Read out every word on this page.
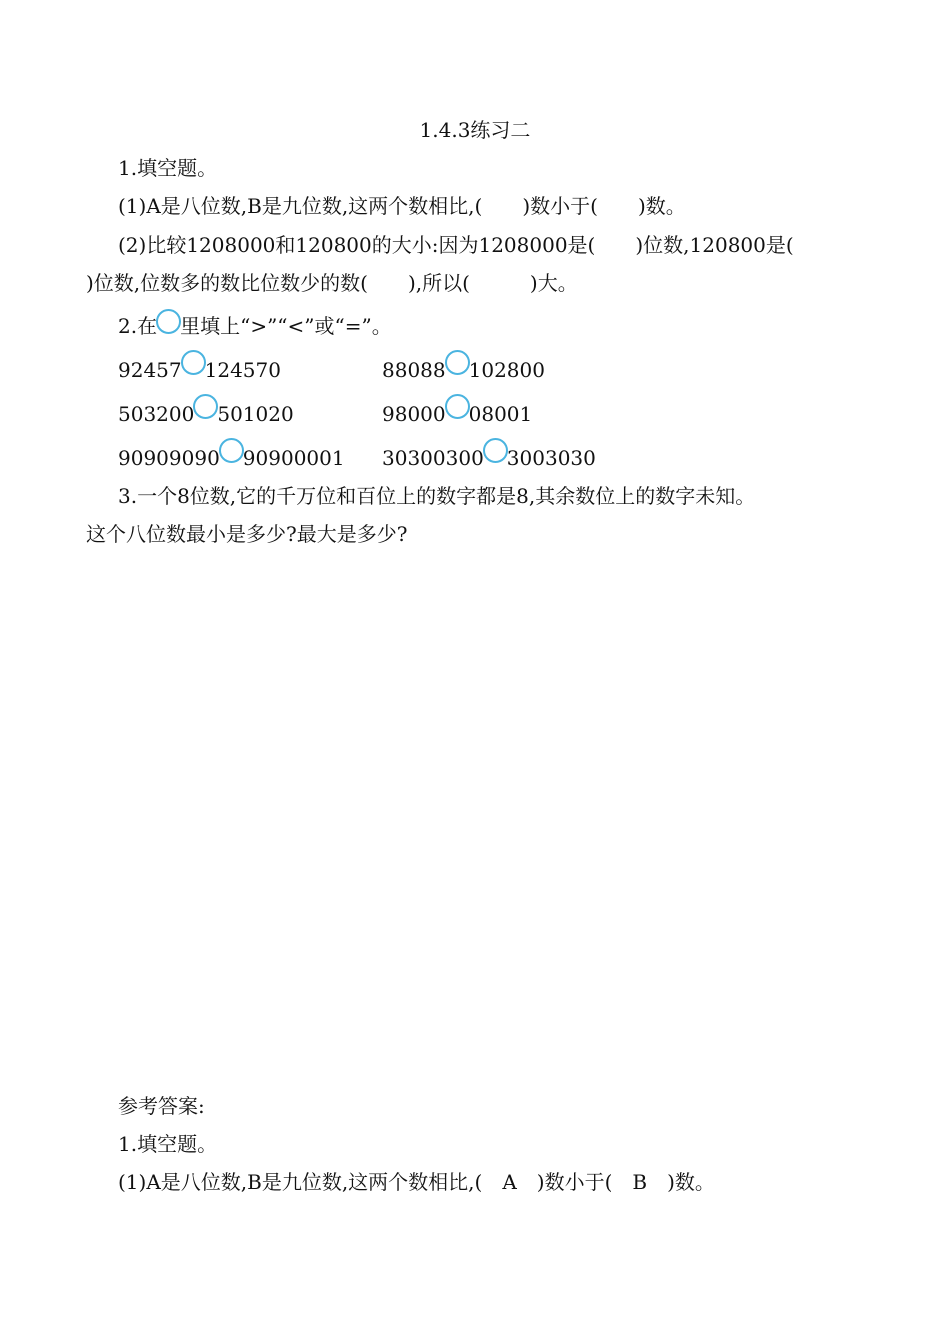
1.4.3练习二
1.填空题。
(1)A是八位数,B是九位数,这两个数相比,(　　)数小于(　　)数。
(2)比较1208000和120800的大小:因为1208000是(　　)位数,120800是(
)位数,位数多的数比位数少的数(　　),所以(　　　)大。
2.在 里填上“>”“<”或“=”。
92457 124570	88088 102800
503200 501020	98000 08001
90909090 90900001 30300300 3003030
3.一个8位数,它的千万位和百位上的数字都是8,其余数位上的数字未知。
这个八位数最小是多少?最大是多少?
参考答案:
1.填空题。
(1)A是八位数,B是九位数,这两个数相比,(　A　)数小于(　B　)数。
